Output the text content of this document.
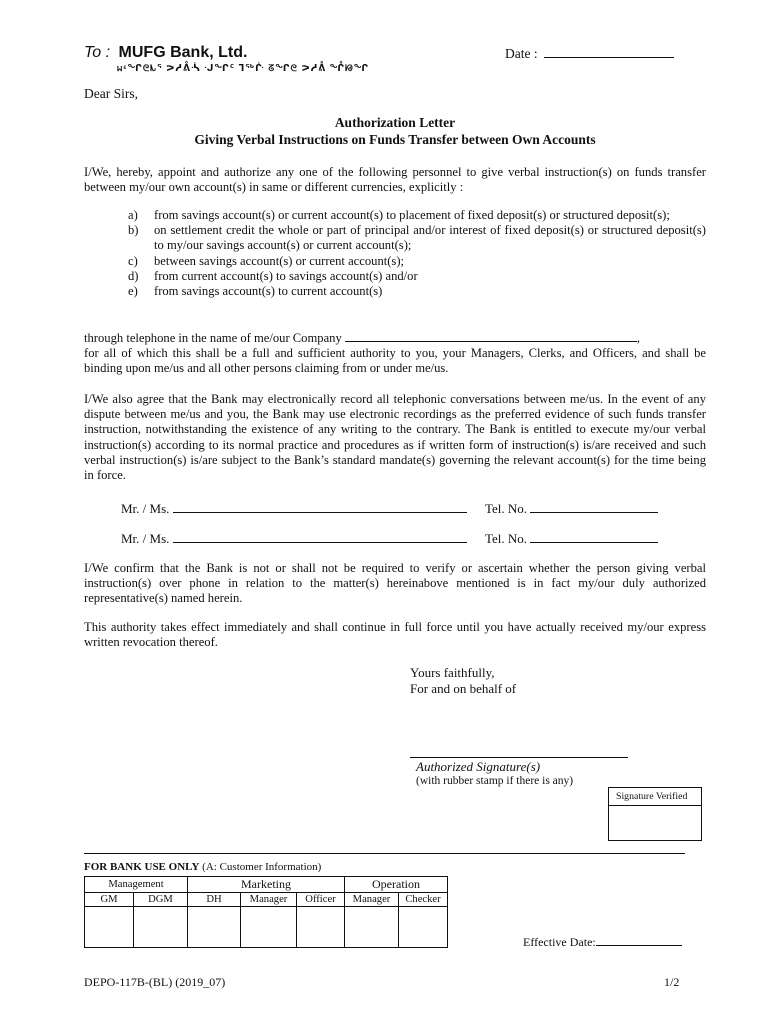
To : MUFG Bank, Ltd.
ᥕᵋᖏᘓᗃᕐ ᕗᓱᕔᔂ ᒘᖏᑦ ᒣᖅᒗ ᘔᖏᘓ ᕗᓱᕔ ᖎᘘᖏ
Date :
Dear Sirs,
Authorization Letter
Giving Verbal Instructions on Funds Transfer between Own Accounts
I/We, hereby, appoint and authorize any one of the following personnel to give verbal instruction(s) on funds transfer between my/our own account(s) in same or different currencies, explicitly :
a) from savings account(s) or current account(s) to placement of fixed deposit(s) or structured deposit(s);
b) on settlement credit the whole or part of principal and/or interest of fixed deposit(s) or structured deposit(s) to my/our savings account(s) or current account(s);
c) between savings account(s) or current account(s);
d) from current account(s) to savings account(s) and/or
e) from savings account(s) to current account(s)
through telephone in the name of me/our Company	,
for all of which this shall be a full and sufficient authority to you, your Managers, Clerks, and Officers, and shall be binding upon me/us and all other persons claiming from or under me/us.
I/We also agree that the Bank may electronically record all telephonic conversations between me/us. In the event of any dispute between me/us and you, the Bank may use electronic recordings as the preferred evidence of such funds transfer instruction, notwithstanding the existence of any writing to the contrary. The Bank is entitled to execute my/our verbal instruction(s) according to its normal practice and procedures as if written form of instruction(s) is/are received and such verbal instruction(s) is/are subject to the Bank’s standard mandate(s) governing the relevant account(s) for the time being in force.
Mr. / Ms.	Tel. No.
Mr. / Ms.	Tel. No.
I/We confirm that the Bank is not or shall not be required to verify or ascertain whether the person giving verbal instruction(s) over phone in relation to the matter(s) hereinabove mentioned is in fact my/our duly authorized representative(s) named herein.
This authority takes effect immediately and shall continue in full force until you have actually received my/our express written revocation thereof.
Yours faithfully,
For and on behalf of
Authorized Signature(s)
(with rubber stamp if there is any)
Signature Verified
FOR BANK USE ONLY (A: Customer Information)
Management		Marketing			Operation	
GM	DGM	DH	Manager	Officer	Manager	Checker

Effective Date:
DEPO-117B-(BL) (2019_07)	1/2
